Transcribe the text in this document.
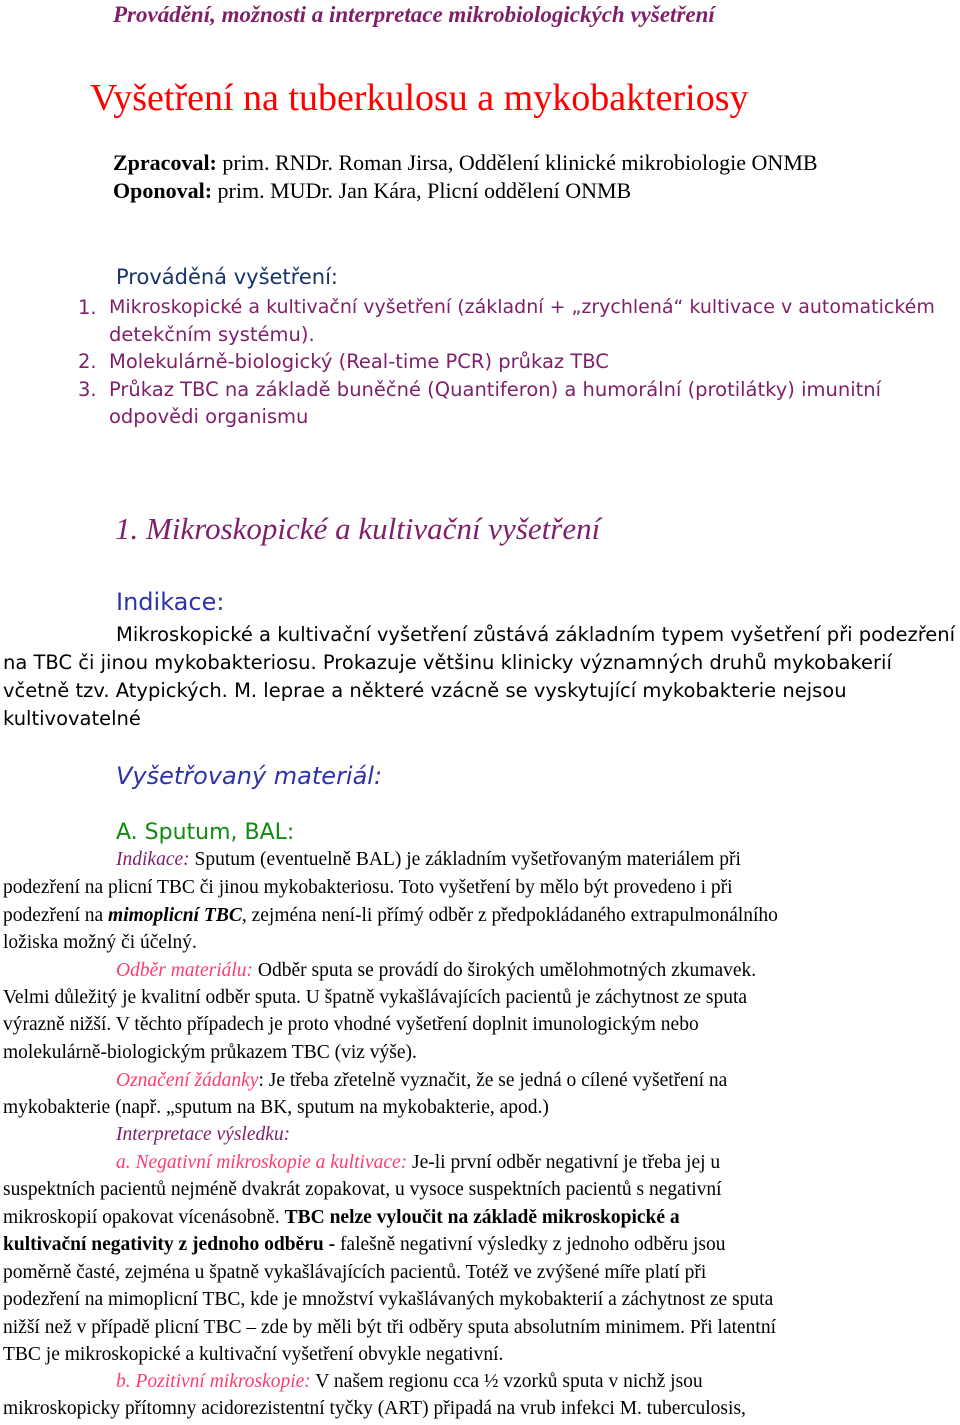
Provádění, možnosti a interpretace mikrobiologických vyšetření
Vyšetření na tuberkulosu a mykobakteriosy
Zpracoval: prim. RNDr. Roman Jirsa, Oddělení klinické mikrobiologie ONMB
Oponoval: prim. MUDr. Jan Kára, Plicní oddělení ONMB
Prováděná vyšetření:
1. Mikroskopické a kultivační vyšetření (základní + „zrychlená“ kultivace v automatickém
detekčním systému).
2. Molekulárně-biologický (Real-time PCR) průkaz TBC
3. Průkaz TBC na základě buněčné (Quantiferon) a humorální (protilátky) imunitní
odpovědi organismu
1. Mikroskopické a kultivační vyšetření
Indikace:
Mikroskopické a kultivační vyšetření zůstává základním typem vyšetření při podezření
na TBC či jinou mykobakteriosu. Prokazuje většinu klinicky významných druhů mykobakerií
včetně tzv. Atypických. M. leprae a některé vzácně se vyskytující mykobakterie nejsou
kultivovatelné
Vyšetřovaný materiál:
A. Sputum, BAL:
Indikace: Sputum (eventuelně BAL) je základním vyšetřovaným materiálem při
podezření na plicní TBC či jinou mykobakteriosu. Toto vyšetření by mělo být provedeno i při
podezření na mimoplicní TBC, zejména není-li přímý odběr z předpokládaného extrapulmonálního
ložiska možný či účelný.
Odběr materiálu: Odběr sputa se provádí do širokých umělohmotných zkumavek.
Velmi důležitý je kvalitní odběr sputa. U špatně vykašlávajících pacientů je záchytnost ze sputa
výrazně nižší. V těchto případech je proto vhodné vyšetření doplnit imunologickým nebo
molekulárně-biologickým průkazem TBC (viz výše).
Označení žádanky: Je třeba zřetelně vyznačit, že se jedná o cílené vyšetření na
mykobakterie (např. „sputum na BK, sputum na mykobakterie, apod.)
Interpretace výsledku:
a. Negativní mikroskopie a kultivace: Je-li první odběr negativní je třeba jej u
suspektních pacientů nejméně dvakrát zopakovat, u vysoce suspektních pacientů s negativní
mikroskopií opakovat vícenásobně. TBC nelze vyloučit na základě mikroskopické a
kultivační negativity z jednoho odběru - falešně negativní výsledky z jednoho odběru jsou
poměrně časté, zejména u špatně vykašlávajících pacientů. Totéž ve zvýšené míře platí při
podezření na mimoplicní TBC, kde je množství vykašlávaných mykobakterií a záchytnost ze sputa
nižší než v případě plicní TBC – zde by měli být tři odběry sputa absolutním minimem. Při latentní
TBC je mikroskopické a kultivační vyšetření obvykle negativní.
b. Pozitivní mikroskopie: V našem regionu cca ½ vzorků sputa v nichž jsou
mikroskopicky přítomny acidorezistentní tyčky (ART) připadá na vrub infekci M. tuberculosis,
